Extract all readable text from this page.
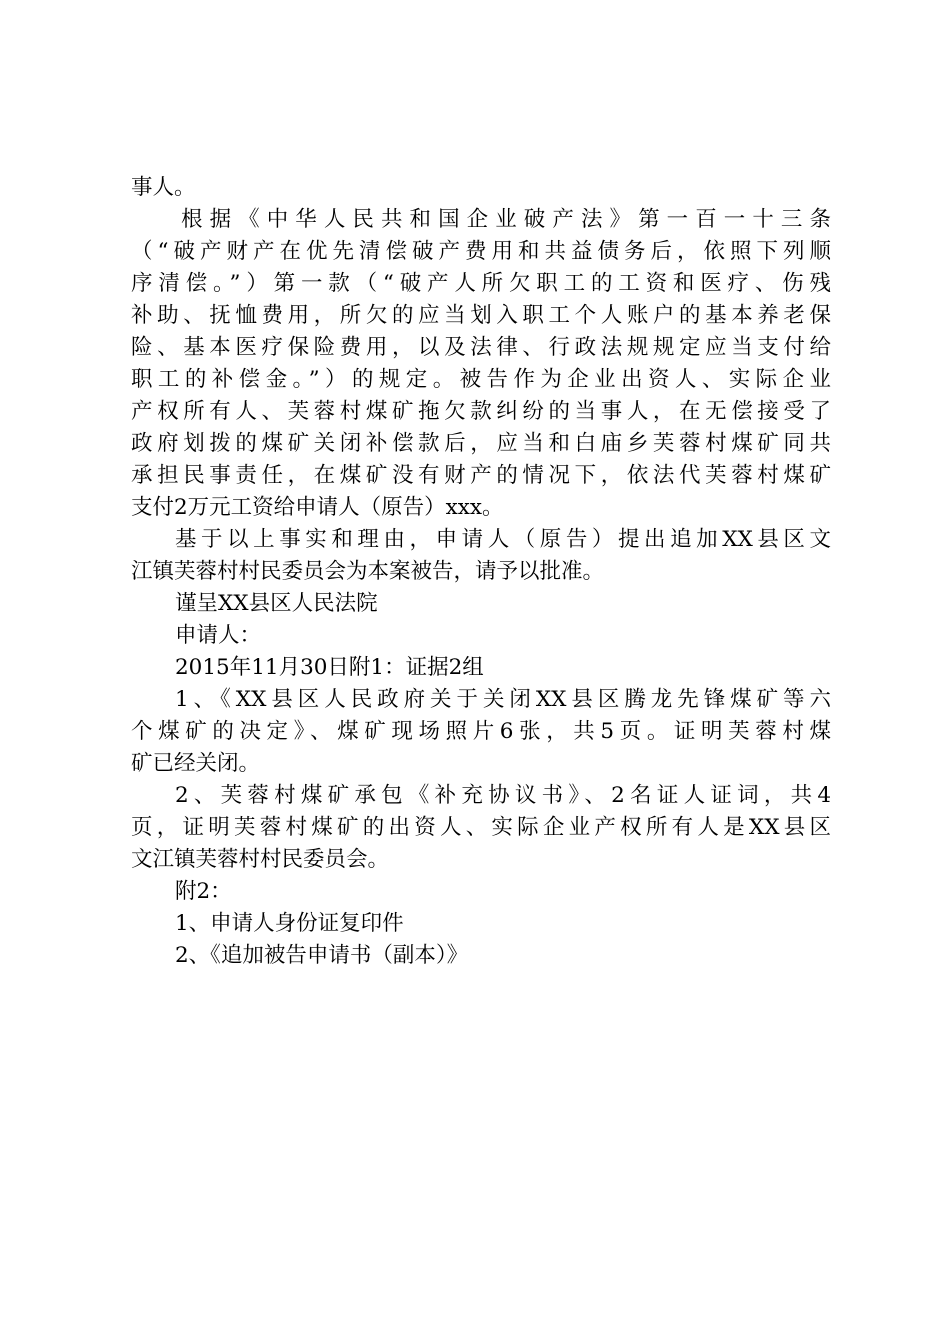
事人。
根据《中华人民共和国企业破产法》第一百一十三条
（“破产财产在优先清偿破产费用和共益债务后，依照下列顺
序清偿。”）第一款（“破产人所欠职工的工资和医疗、伤残
补助、抚恤费用，所欠的应当划入职工个人账户的基本养老保
险、基本医疗保险费用，以及法律、行政法规规定应当支付给
职工的补偿金。”）的规定。被告作为企业出资人、实际企业
产权所有人、芙蓉村煤矿拖欠款纠纷的当事人，在无偿接受了
政府划拨的煤矿关闭补偿款后，应当和白庙乡芙蓉村煤矿同共
承担民事责任，在煤矿没有财产的情况下，依法代芙蓉村煤矿
支付2万元工资给申请人（原告）xxx。
基于以上事实和理由，申请人（原告）提出追加XX县区文
江镇芙蓉村村民委员会为本案被告，请予以批准。
谨呈XX县区人民法院
申请人：
2015年11月30日附1：证据2组
1、《XX县区人民政府关于关闭XX县区腾龙先锋煤矿等六
个煤矿的决定》、煤矿现场照片6张，共5页。证明芙蓉村煤
矿已经关闭。
2、芙蓉村煤矿承包《补充协议书》、2名证人证词，共4
页，证明芙蓉村煤矿的出资人、实际企业产权所有人是XX县区
文江镇芙蓉村村民委员会。
附2：
1、申请人身份证复印件
2、《追加被告申请书（副本）》
